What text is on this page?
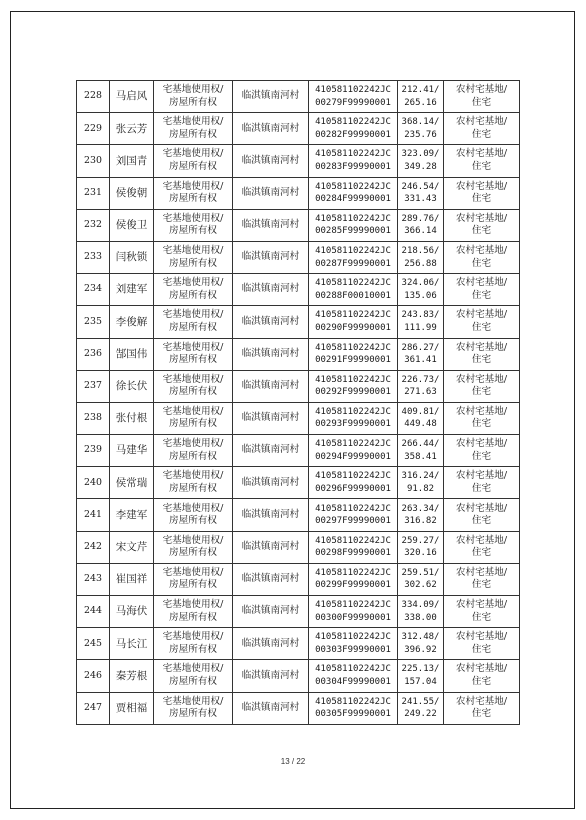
228	马启风	宅基地使用权/
房屋所有权	临淇镇南河村	410581102242JC
00279F99990001	212.41/
265.16	农村宅基地/
住宅

229	张云芳	宅基地使用权/
房屋所有权	临淇镇南河村	410581102242JC
00282F99990001	368.14/
235.76	农村宅基地/
住宅

230	刘国青	宅基地使用权/
房屋所有权	临淇镇南河村	410581102242JC
00283F99990001	323.09/
349.28	农村宅基地/
住宅

231	侯俊朝	宅基地使用权/
房屋所有权	临淇镇南河村	410581102242JC
00284F99990001	246.54/
331.43	农村宅基地/
住宅

232	侯俊卫	宅基地使用权/
房屋所有权	临淇镇南河村	410581102242JC
00285F99990001	289.76/
366.14	农村宅基地/
住宅

233	闫秋锁	宅基地使用权/
房屋所有权	临淇镇南河村	410581102242JC
00287F99990001	218.56/
256.88	农村宅基地/
住宅

234	刘建军	宅基地使用权/
房屋所有权	临淇镇南河村	410581102242JC
00288F00010001	324.06/
135.06	农村宅基地/
住宅

235	李俊解	宅基地使用权/
房屋所有权	临淇镇南河村	410581102242JC
00290F99990001	243.83/
111.99	农村宅基地/
住宅

236	郜国伟	宅基地使用权/
房屋所有权	临淇镇南河村	410581102242JC
00291F99990001	286.27/
361.41	农村宅基地/
住宅

237	徐长伏	宅基地使用权/
房屋所有权	临淇镇南河村	410581102242JC
00292F99990001	226.73/
271.63	农村宅基地/
住宅

238	张付根	宅基地使用权/
房屋所有权	临淇镇南河村	410581102242JC
00293F99990001	409.81/
449.48	农村宅基地/
住宅

239	马建华	宅基地使用权/
房屋所有权	临淇镇南河村	410581102242JC
00294F99990001	266.44/
358.41	农村宅基地/
住宅

240	侯常瑞	宅基地使用权/
房屋所有权	临淇镇南河村	410581102242JC
00296F99990001	316.24/
91.82	农村宅基地/
住宅

241	李建军	宅基地使用权/
房屋所有权	临淇镇南河村	410581102242JC
00297F99990001	263.34/
316.82	农村宅基地/
住宅

242	宋文芹	宅基地使用权/
房屋所有权	临淇镇南河村	410581102242JC
00298F99990001	259.27/
320.16	农村宅基地/
住宅

243	崔国祥	宅基地使用权/
房屋所有权	临淇镇南河村	410581102242JC
00299F99990001	259.51/
302.62	农村宅基地/
住宅

244	马海伏	宅基地使用权/
房屋所有权	临淇镇南河村	410581102242JC
00300F99990001	334.09/
338.00	农村宅基地/
住宅

245	马长江	宅基地使用权/
房屋所有权	临淇镇南河村	410581102242JC
00303F99990001	312.48/
396.92	农村宅基地/
住宅

246	秦芳根	宅基地使用权/
房屋所有权	临淇镇南河村	410581102242JC
00304F99990001	225.13/
157.04	农村宅基地/
住宅

247	贾相福	宅基地使用权/
房屋所有权	临淇镇南河村	410581102242JC
00305F99990001	241.55/
249.22	农村宅基地/
住宅
13 / 22
